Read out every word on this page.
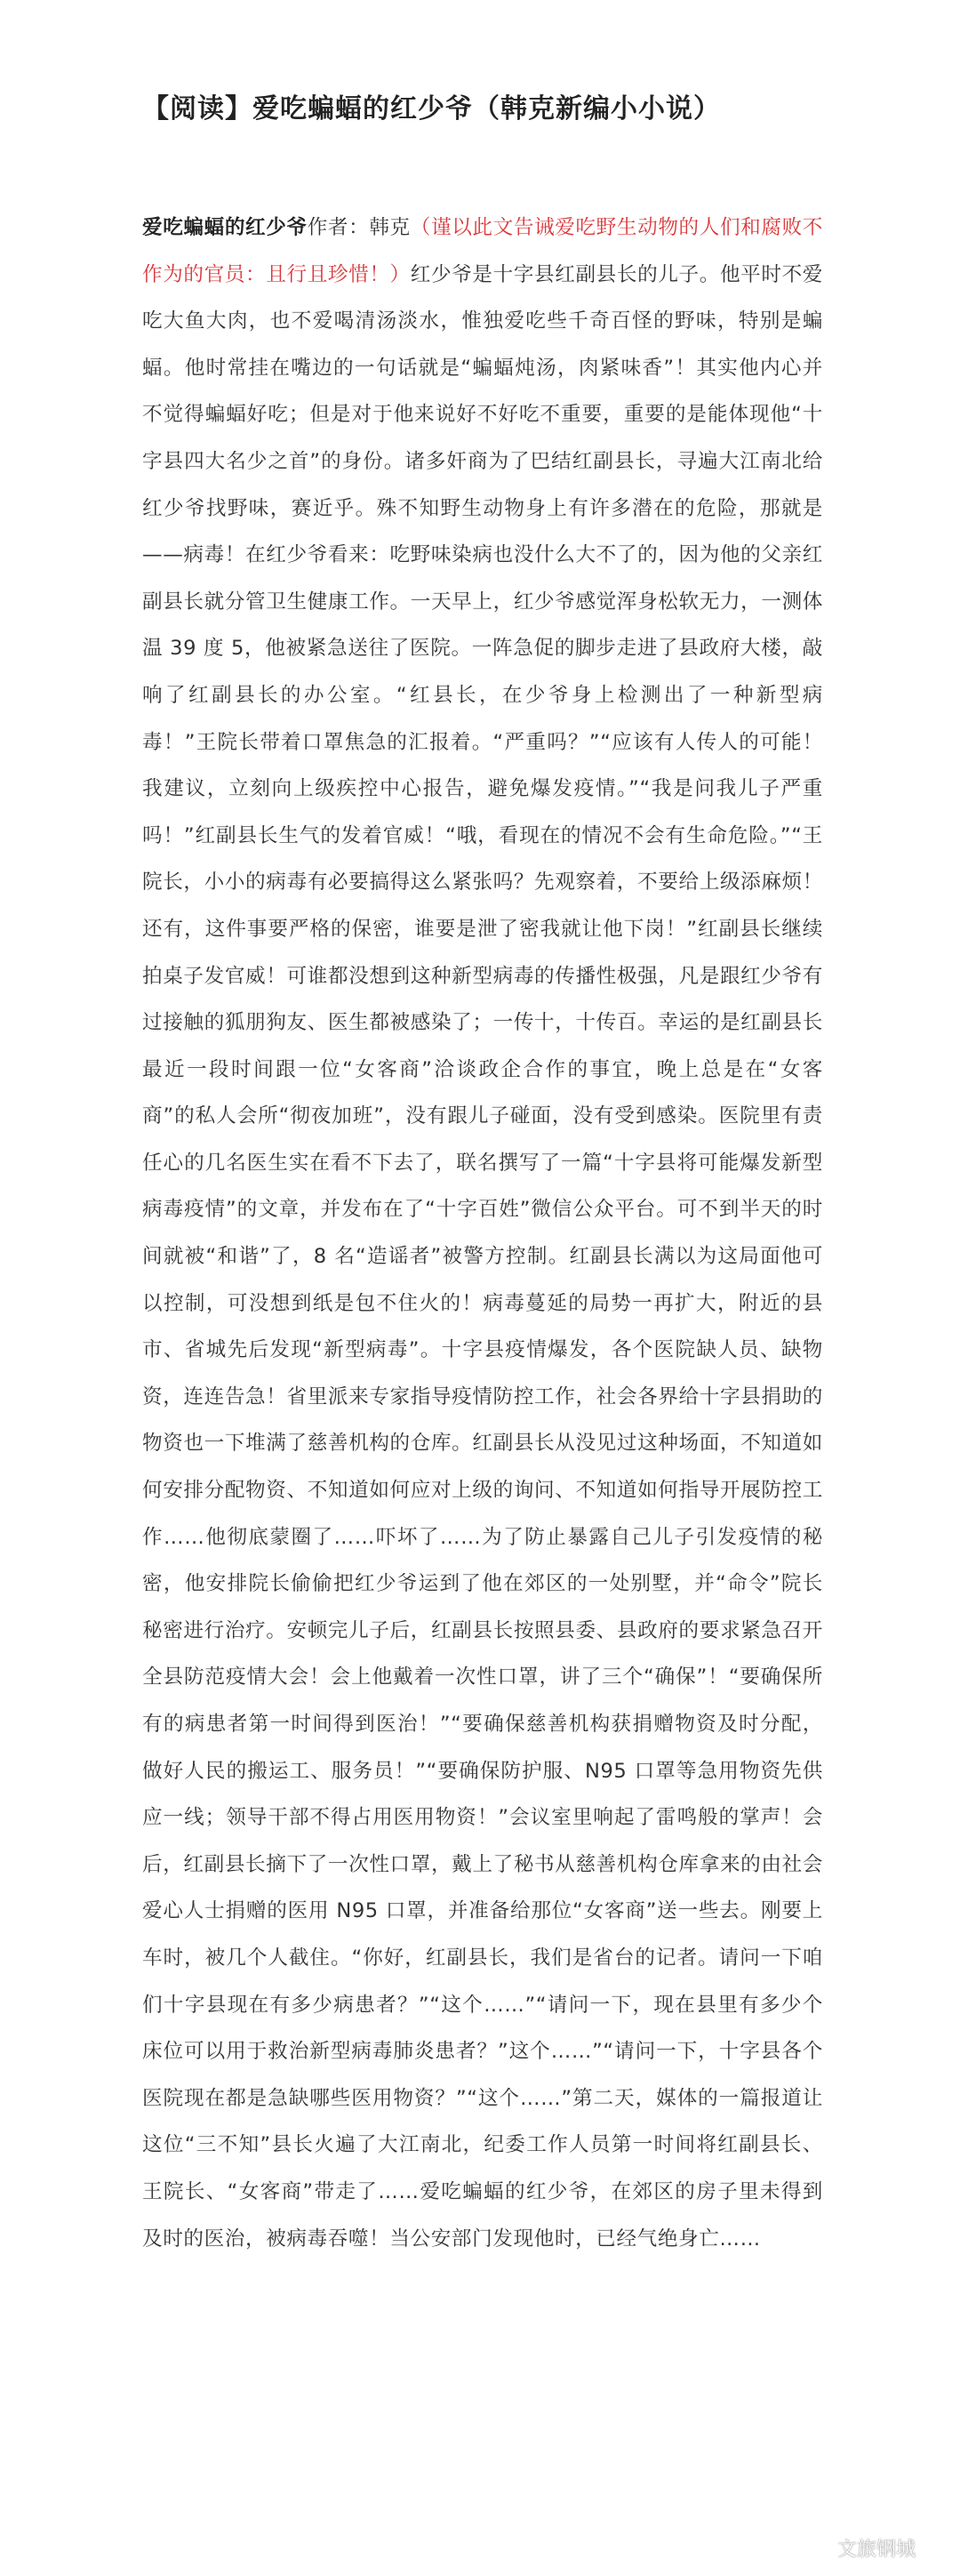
【阅读】爱吃蝙蝠的红少爷（韩克新编小小说）
爱吃蝙蝠的红少爷作者：韩克（谨以此文告诫爱吃野生动物的人们和腐败不作为的官员：且行且珍惜！）红少爷是十字县红副县长的儿子。他平时不爱吃大鱼大肉，也不爱喝清汤淡水，惟独爱吃些千奇百怪的野味，特别是蝙蝠。他时常挂在嘴边的一句话就是“蝙蝠炖汤，肉紧味香”！其实他内心并不觉得蝙蝠好吃；但是对于他来说好不好吃不重要，重要的是能体现他“十字县四大名少之首”的身份。诸多奸商为了巴结红副县长，寻遍大江南北给红少爷找野味，赛近乎。殊不知野生动物身上有许多潜在的危险，那就是——病毒！在红少爷看来：吃野味染病也没什么大不了的，因为他的父亲红副县长就分管卫生健康工作。一天早上，红少爷感觉浑身松软无力，一测体温 39 度 5，他被紧急送往了医院。一阵急促的脚步走进了县政府大楼，敲响了红副县长的办公室。“红县长，在少爷身上检测出了一种新型病毒！”王院长带着口罩焦急的汇报着。“严重吗？”“应该有人传人的可能！我建议，立刻向上级疾控中心报告，避免爆发疫情。”“我是问我儿子严重吗！”红副县长生气的发着官威！“哦，看现在的情况不会有生命危险。”“王院长，小小的病毒有必要搞得这么紧张吗？先观察着，不要给上级添麻烦！还有，这件事要严格的保密，谁要是泄了密我就让他下岗！”红副县长继续拍桌子发官威！可谁都没想到这种新型病毒的传播性极强，凡是跟红少爷有过接触的狐朋狗友、医生都被感染了；一传十，十传百。幸运的是红副县长最近一段时间跟一位“女客商”洽谈政企合作的事宜，晚上总是在“女客商”的私人会所“彻夜加班”，没有跟儿子碰面，没有受到感染。医院里有责任心的几名医生实在看不下去了，联名撰写了一篇“十字县将可能爆发新型病毒疫情”的文章，并发布在了“十字百姓”微信公众平台。可不到半天的时间就被“和谐”了，8 名“造谣者”被警方控制。红副县长满以为这局面他可以控制，可没想到纸是包不住火的！病毒蔓延的局势一再扩大，附近的县市、省城先后发现“新型病毒”。十字县疫情爆发，各个医院缺人员、缺物资，连连告急！省里派来专家指导疫情防控工作，社会各界给十字县捐助的物资也一下堆满了慈善机构的仓库。红副县长从没见过这种场面，不知道如何安排分配物资、不知道如何应对上级的询问、不知道如何指导开展防控工作……他彻底蒙圈了……吓坏了……为了防止暴露自己儿子引发疫情的秘密，他安排院长偷偷把红少爷运到了他在郊区的一处别墅，并“命令”院长秘密进行治疗。安顿完儿子后，红副县长按照县委、县政府的要求紧急召开全县防范疫情大会！会上他戴着一次性口罩，讲了三个“确保”！“要确保所有的病患者第一时间得到医治！”“要确保慈善机构获捐赠物资及时分配，做好人民的搬运工、服务员！”“要确保防护服、N95 口罩等急用物资先供应一线；领导干部不得占用医用物资！”会议室里响起了雷鸣般的掌声！会后，红副县长摘下了一次性口罩，戴上了秘书从慈善机构仓库拿来的由社会爱心人士捐赠的医用 N95 口罩，并准备给那位“女客商”送一些去。刚要上车时，被几个人截住。“你好，红副县长，我们是省台的记者。请问一下咱们十字县现在有多少病患者？”“这个……”“请问一下，现在县里有多少个床位可以用于救治新型病毒肺炎患者？”这个……”“请问一下，十字县各个医院现在都是急缺哪些医用物资？”“这个……”第二天，媒体的一篇报道让这位“三不知”县长火遍了大江南北，纪委工作人员第一时间将红副县长、王院长、“女客商”带走了……爱吃蝙蝠的红少爷，在郊区的房子里未得到及时的医治，被病毒吞噬！当公安部门发现他时，已经气绝身亡……
文旅钢城
